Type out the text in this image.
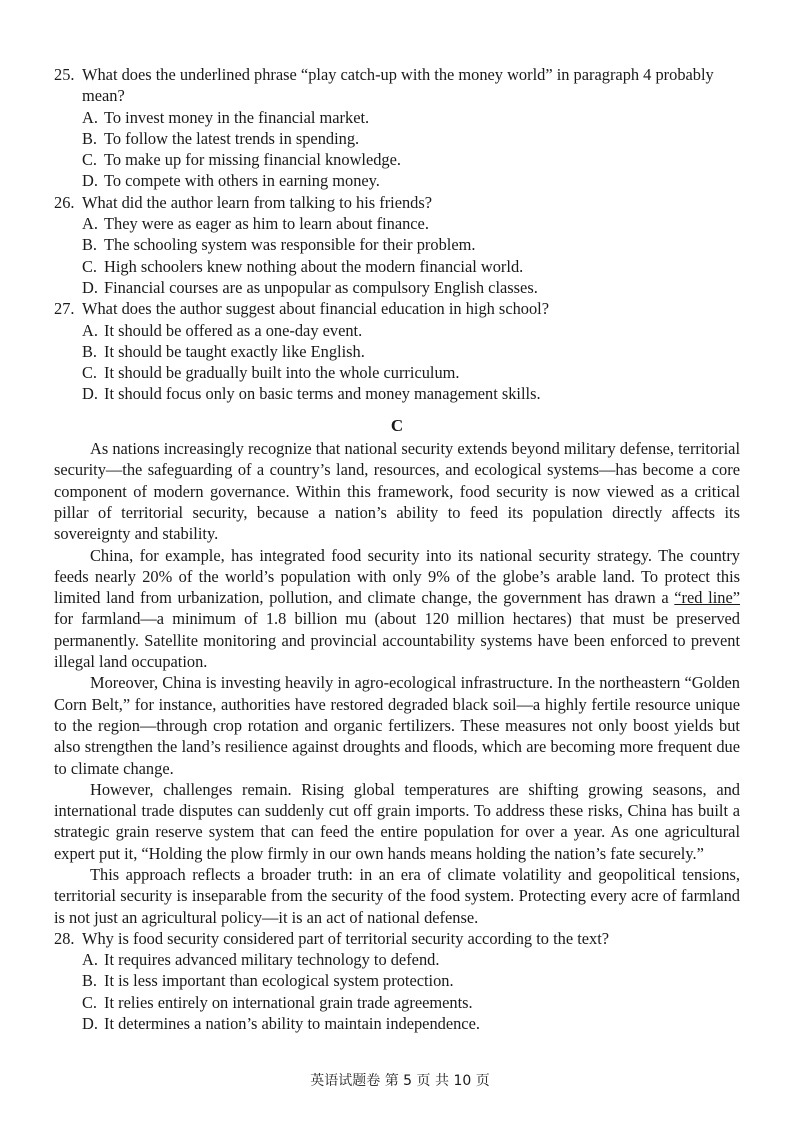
25. What does the underlined phrase “play catch-up with the money world” in paragraph 4 probably mean?
A. To invest money in the financial market.
B. To follow the latest trends in spending.
C. To make up for missing financial knowledge.
D. To compete with others in earning money.
26. What did the author learn from talking to his friends?
A. They were as eager as him to learn about finance.
B. The schooling system was responsible for their problem.
C. High schoolers knew nothing about the modern financial world.
D. Financial courses are as unpopular as compulsory English classes.
27. What does the author suggest about financial education in high school?
A. It should be offered as a one-day event.
B. It should be taught exactly like English.
C. It should be gradually built into the whole curriculum.
D. It should focus only on basic terms and money management skills.
C
As nations increasingly recognize that national security extends beyond military defense, territorial security—the safeguarding of a country’s land, resources, and ecological systems—has become a core component of modern governance. Within this framework, food security is now viewed as a critical pillar of territorial security, because a nation’s ability to feed its population directly affects its sovereignty and stability.
China, for example, has integrated food security into its national security strategy. The country feeds nearly 20% of the world’s population with only 9% of the globe’s arable land. To protect this limited land from urbanization, pollution, and climate change, the government has drawn a “red line” for farmland—a minimum of 1.8 billion mu (about 120 million hectares) that must be preserved permanently. Satellite monitoring and provincial accountability systems have been enforced to prevent illegal land occupation.
Moreover, China is investing heavily in agro-ecological infrastructure. In the northeastern “Golden Corn Belt,” for instance, authorities have restored degraded black soil—a highly fertile resource unique to the region—through crop rotation and organic fertilizers. These measures not only boost yields but also strengthen the land’s resilience against droughts and floods, which are becoming more frequent due to climate change.
However, challenges remain. Rising global temperatures are shifting growing seasons, and international trade disputes can suddenly cut off grain imports. To address these risks, China has built a strategic grain reserve system that can feed the entire population for over a year. As one agricultural expert put it, “Holding the plow firmly in our own hands means holding the nation’s fate securely.”
This approach reflects a broader truth: in an era of climate volatility and geopolitical tensions, territorial security is inseparable from the security of the food system. Protecting every acre of farmland is not just an agricultural policy—it is an act of national defense.
28. Why is food security considered part of territorial security according to the text?
A. It requires advanced military technology to defend.
B. It is less important than ecological system protection.
C. It relies entirely on international grain trade agreements.
D. It determines a nation’s ability to maintain independence.
英语试题卷 第 5 页 共 10 页
